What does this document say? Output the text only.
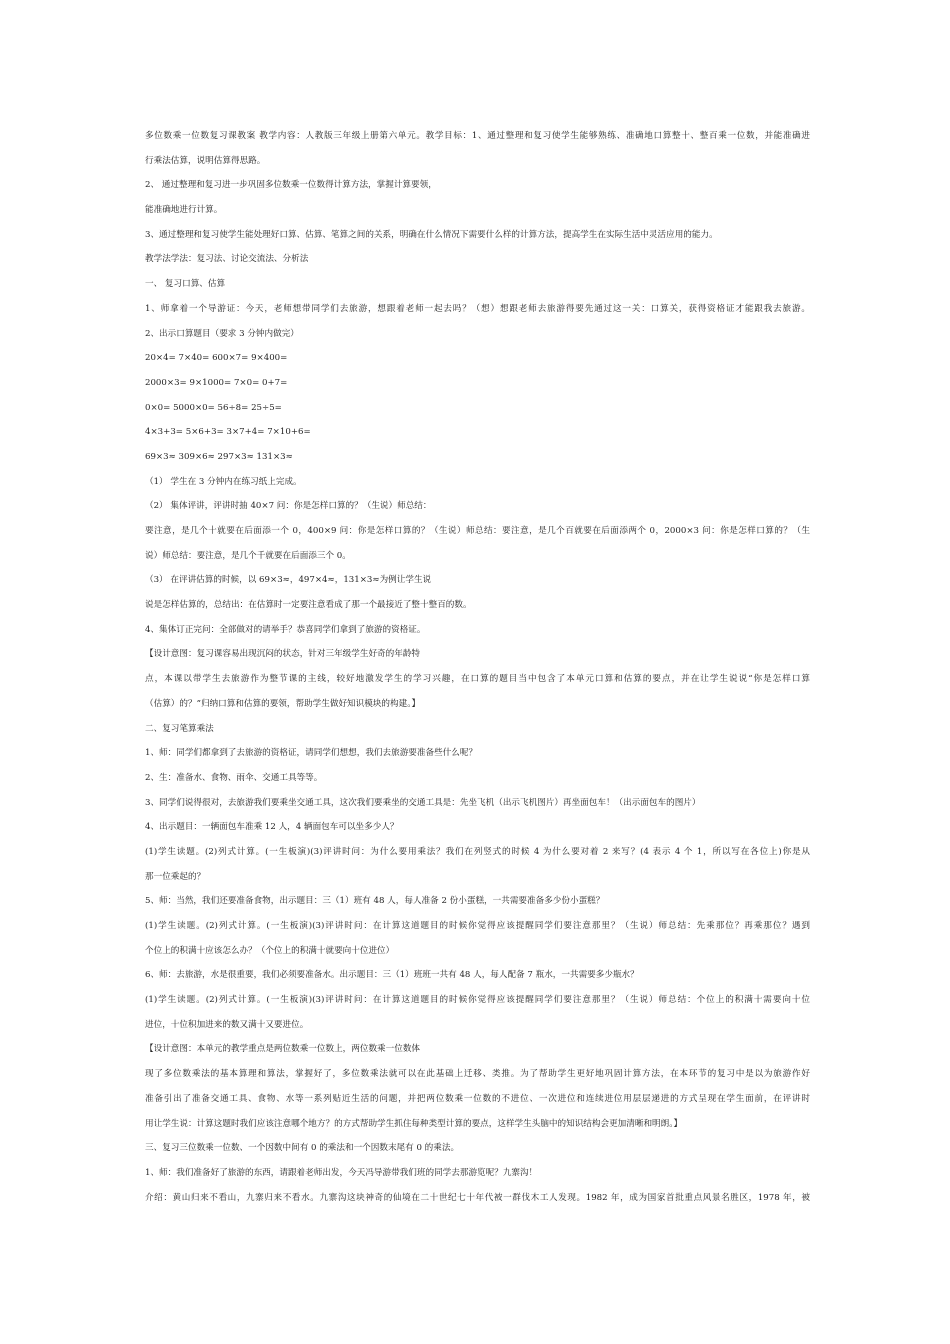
多位数乘一位数复习课教案 教学内容：人教版三年级上册第六单元。教学目标：1、通过整理和复习使学生能够熟练、准确地口算整十、整百乘一位数，并能准确进
行乘法估算，说明估算得思路。
2、 通过整理和复习进一步巩固多位数乘一位数得计算方法，掌握计算要领，
能准确地进行计算。
3、通过整理和复习使学生能处理好口算、估算、笔算之间的关系，明确在什么情况下需要什么样的计算方法，提高学生在实际生活中灵活应用的能力。
教学法学法：复习法、讨论交流法、分析法
一、 复习口算、估算
1、师拿着一个导游证：今天，老师想带同学们去旅游，想跟着老师一起去吗？（想）想跟老师去旅游得要先通过这一关：口算关，获得资格证才能跟我去旅游。
2、出示口算题目（要求 3 分钟内做完）
20×4= 7×40= 600×7= 9×400=
2000×3= 9×1000= 7×0= 0+7=
0×0= 5000×0= 56÷8= 25÷5=
4×3+3= 5×6+3= 3×7+4= 7×10+6=
69×3≈ 309×6≈ 297×3≈ 131×3≈
（1） 学生在 3 分钟内在练习纸上完成。
（2） 集体评讲，评讲时抽 40×7 问：你是怎样口算的？（生说）师总结：
要注意，是几个十就要在后面添一个 0，400×9 问：你是怎样口算的？（生说）师总结：要注意，是几个百就要在后面添两个 0，2000×3 问：你是怎样口算的？（生
说）师总结：要注意，是几个千就要在后面添三个 0。
（3） 在评讲估算的时候，以 69×3≈，497×4≈，131×3≈为例让学生说
说是怎样估算的，总结出：在估算时一定要注意看成了那一个最接近了整十整百的数。
4、集体订正完问：全部做对的请举手？恭喜同学们拿到了旅游的资格证。
【设计意图：复习课容易出现沉闷的状态，针对三年级学生好奇的年龄特
点，本课以带学生去旅游作为整节课的主线，较好地激发学生的学习兴趣，在口算的题目当中包含了本单元口算和估算的要点，并在让学生说说“你是怎样口算
（估算）的？”归纳口算和估算的要领，帮助学生做好知识模块的构建。】
二、复习笔算乘法
1、师：同学们都拿到了去旅游的资格证，请同学们想想，我们去旅游要准备些什么呢？
2、生：准备水、食物、雨伞、交通工具等等。
3、同学们说得很对，去旅游我们要乘坐交通工具，这次我们要乘坐的交通工具是：先坐飞机（出示飞机图片）再坐面包车！（出示面包车的图片）
4、出示题目：一辆面包车准乘 12 人，4 辆面包车可以坐多少人？
(1)学生读题。(2)列式计算。(一生板演)(3)评讲时问：为什么要用乘法？我们在列竖式的时候 4 为什么要对着 2 来写？(4 表示 4 个 1，所以写在各位上)你是从
那一位乘起的？
5、师：当然，我们还要准备食物，出示题目：三（1）班有 48 人，每人准备 2 份小蛋糕，一共需要准备多少份小蛋糕？
(1)学生读题。(2)列式计算。(一生板演)(3)评讲时问：在计算这道题目的时候你觉得应该提醒同学们要注意那里？（生说）师总结：先乘那位？再乘那位？遇到
个位上的积满十应该怎么办？（个位上的积满十就要向十位进位）
6、师：去旅游，水是很重要，我们必须要准备水。出示题目：三（1）班班一共有 48 人，每人配备 7 瓶水，一共需要多少瓶水？
(1)学生读题。(2)列式计算。(一生板演)(3)评讲时问：在计算这道题目的时候你觉得应该提醒同学们要注意那里？（生说）师总结：个位上的积满十需要向十位
进位，十位积加进来的数又满十又要进位。
【设计意图：本单元的教学重点是两位数乘一位数上，两位数乘一位数体
现了多位数乘法的基本算理和算法，掌握好了，多位数乘法就可以在此基础上迁移、类推。为了帮助学生更好地巩固计算方法，在本环节的复习中是以为旅游作好
准备引出了准备交通工具、食物、水等一系列贴近生活的问题，并把两位数乘一位数的不进位、一次进位和连续进位用层层递进的方式呈现在学生面前，在评讲时
用让学生说：计算这题时我们应该注意哪个地方？的方式帮助学生抓住每种类型计算的要点，这样学生头脑中的知识结构会更加清晰和明朗。】
三、复习三位数乘一位数、一个因数中间有 0 的乘法和一个因数末尾有 0 的乘法。
1、师：我们准备好了旅游的东西，请跟着老师出发，今天冯导游带我们班的同学去那游览呢？九寨沟！
介绍：黄山归来不看山，九寨归来不看水。九寨沟这块神奇的仙境在二十世纪七十年代被一群伐木工人发现。1982 年，成为国家首批重点风景名胜区，1978 年，被
